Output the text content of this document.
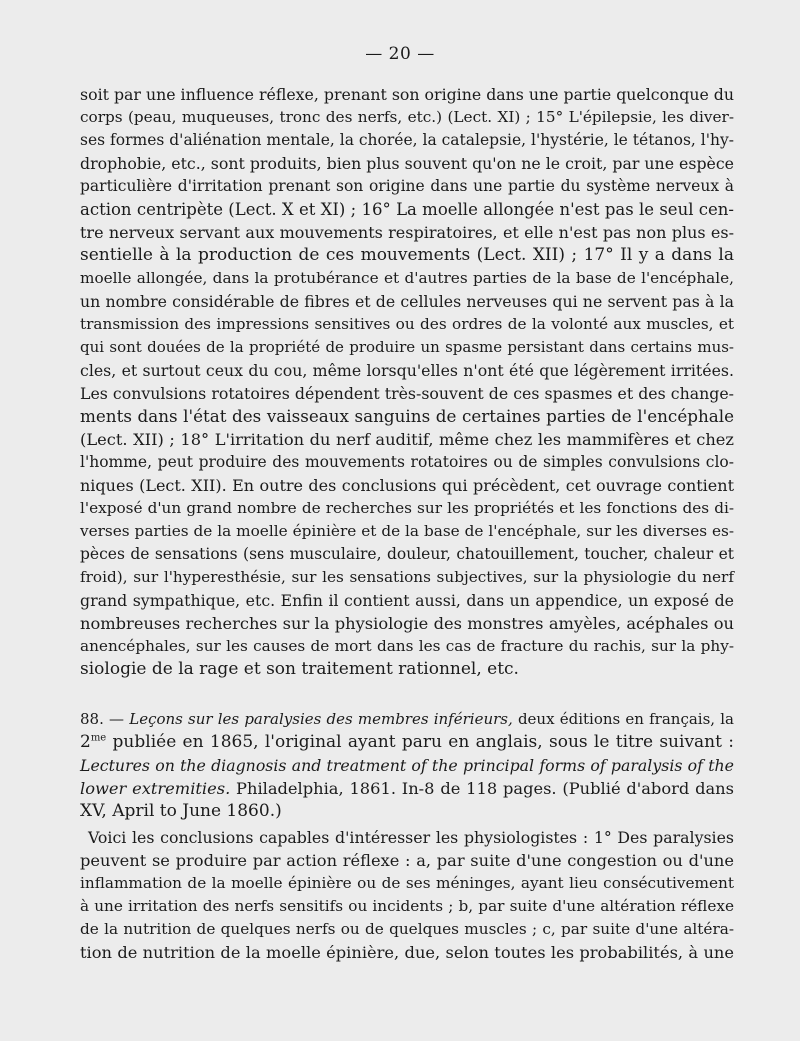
— 20 —
soit par une influence réflexe, prenant son origine dans une partie quelconque du
corps (peau, muqueuses, tronc des nerfs, etc.) (Lect. XI) ; 15° L'épilepsie, les diver-
ses formes d'aliénation mentale, la chorée, la catalepsie, l'hystérie, le tétanos, l'hy-
drophobie, etc., sont produits, bien plus souvent qu'on ne le croit, par une espèce
particulière d'irritation prenant son origine dans une partie du système nerveux à
action centripète (Lect. X et XI) ; 16° La moelle allongée n'est pas le seul cen-
tre nerveux servant aux mouvements respiratoires, et elle n'est pas non plus es-
sentielle à la production de ces mouvements (Lect. XII) ; 17° Il y a dans la
moelle allongée, dans la protubérance et d'autres parties de la base de l'encéphale,
un nombre considérable de fibres et de cellules nerveuses qui ne servent pas à la
transmission des impressions sensitives ou des ordres de la volonté aux muscles, et
qui sont douées de la propriété de produire un spasme persistant dans certains mus-
cles, et surtout ceux du cou, même lorsqu'elles n'ont été que légèrement irritées.
Les convulsions rotatoires dépendent très-souvent de ces spasmes et des change-
ments dans l'état des vaisseaux sanguins de certaines parties de l'encéphale
(Lect. XII) ; 18° L'irritation du nerf auditif, même chez les mammifères et chez
l'homme, peut produire des mouvements rotatoires ou de simples convulsions clo-
niques (Lect. XII). En outre des conclusions qui précèdent, cet ouvrage contient
l'exposé d'un grand nombre de recherches sur les propriétés et les fonctions des di-
verses parties de la moelle épinière et de la base de l'encéphale, sur les diverses es-
pèces de sensations (sens musculaire, douleur, chatouillement, toucher, chaleur et
froid), sur l'hyperesthésie, sur les sensations subjectives, sur la physiologie du nerf
grand sympathique, etc. Enfin il contient aussi, dans un appendice, un exposé de
nombreuses recherches sur la physiologie des monstres amyèles, acéphales ou
anencéphales, sur les causes de mort dans les cas de fracture du rachis, sur la phy-
siologie de la rage et son traitement rationnel, etc.
88. — Leçons sur les paralysies des membres inférieurs, deux éditions en français, la
$2^{me}$ publiée en 1865, l'original ayant paru en anglais, sous le titre suivant :
Lectures on the diagnosis and treatment of the principal forms of paralysis of the
lower extremities. Philadelphia, 1861. In-8 de 118 pages. (Publié d'abord dans
XV, April to June 1860.)
Voici les conclusions capables d'intéresser les physiologistes : 1° Des paralysies
peuvent se produire par action réflexe : a, par suite d'une congestion ou d'une
inflammation de la moelle épinière ou de ses méninges, ayant lieu consécutivement
à une irritation des nerfs sensitifs ou incidents ; b, par suite d'une altération réflexe
de la nutrition de quelques nerfs ou de quelques muscles ; c, par suite d'une altéra-
tion de nutrition de la moelle épinière, due, selon toutes les probabilités, à une
